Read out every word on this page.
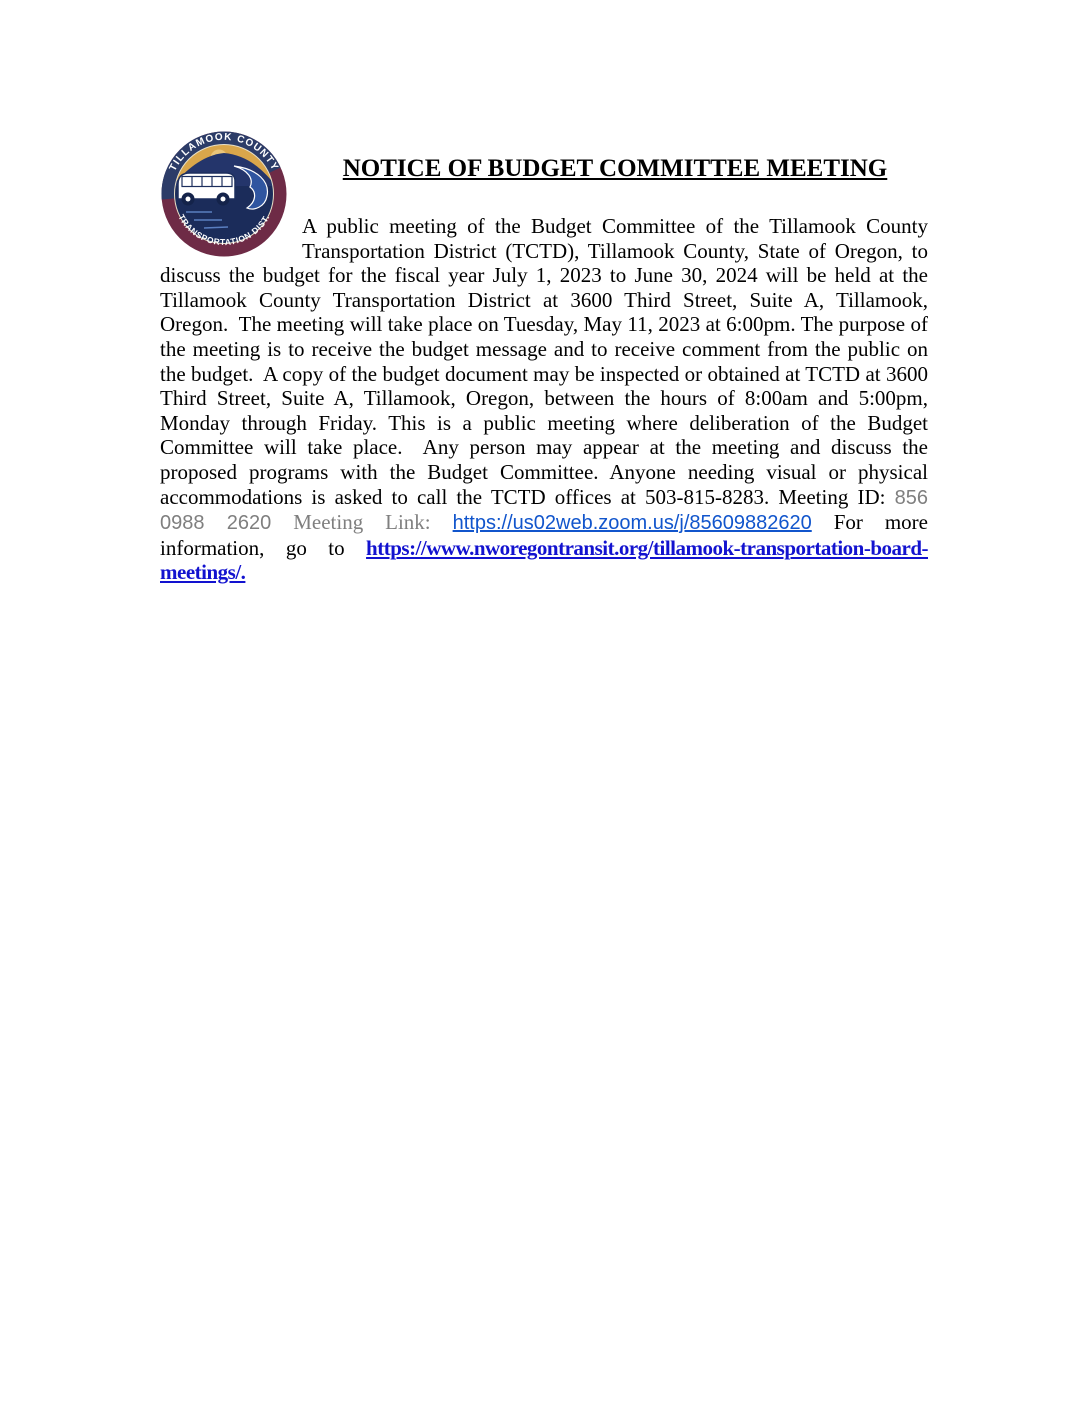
TILLAMOOK COUNTY
TRANSPORTATION DIST.
NOTICE OF BUDGET COMMITTEE MEETING

A public meeting of the Budget Committee of the Tillamook County Transportation District (TCTD), Tillamook County, State of Oregon, to discuss the budget for the fiscal year July 1, 2023 to June 30, 2024 will be held at the Tillamook County Transportation District at 3600 Third Street, Suite A, Tillamook, Oregon.  The meeting will take place on Tuesday, May 11, 2023 at 6:00pm. The purpose of the meeting is to receive the budget message and to receive comment from the public on the budget.  A copy of the budget document may be inspected or obtained at TCTD at 3600 Third Street, Suite A, Tillamook, Oregon, between the hours of 8:00am and 5:00pm, Monday through Friday. This is a public meeting where deliberation of the Budget Committee will take place.  Any person may appear at the meeting and discuss the proposed programs with the Budget Committee. Anyone needing visual or physical accommodations is asked to call the TCTD offices at 503-815-8283. Meeting ID: 856 0988 2620 Meeting Link: https://us02web.zoom.us/j/85609882620 For more information, go to https://www.nworegontransit.org/tillamook-transportation-board-meetings/.
